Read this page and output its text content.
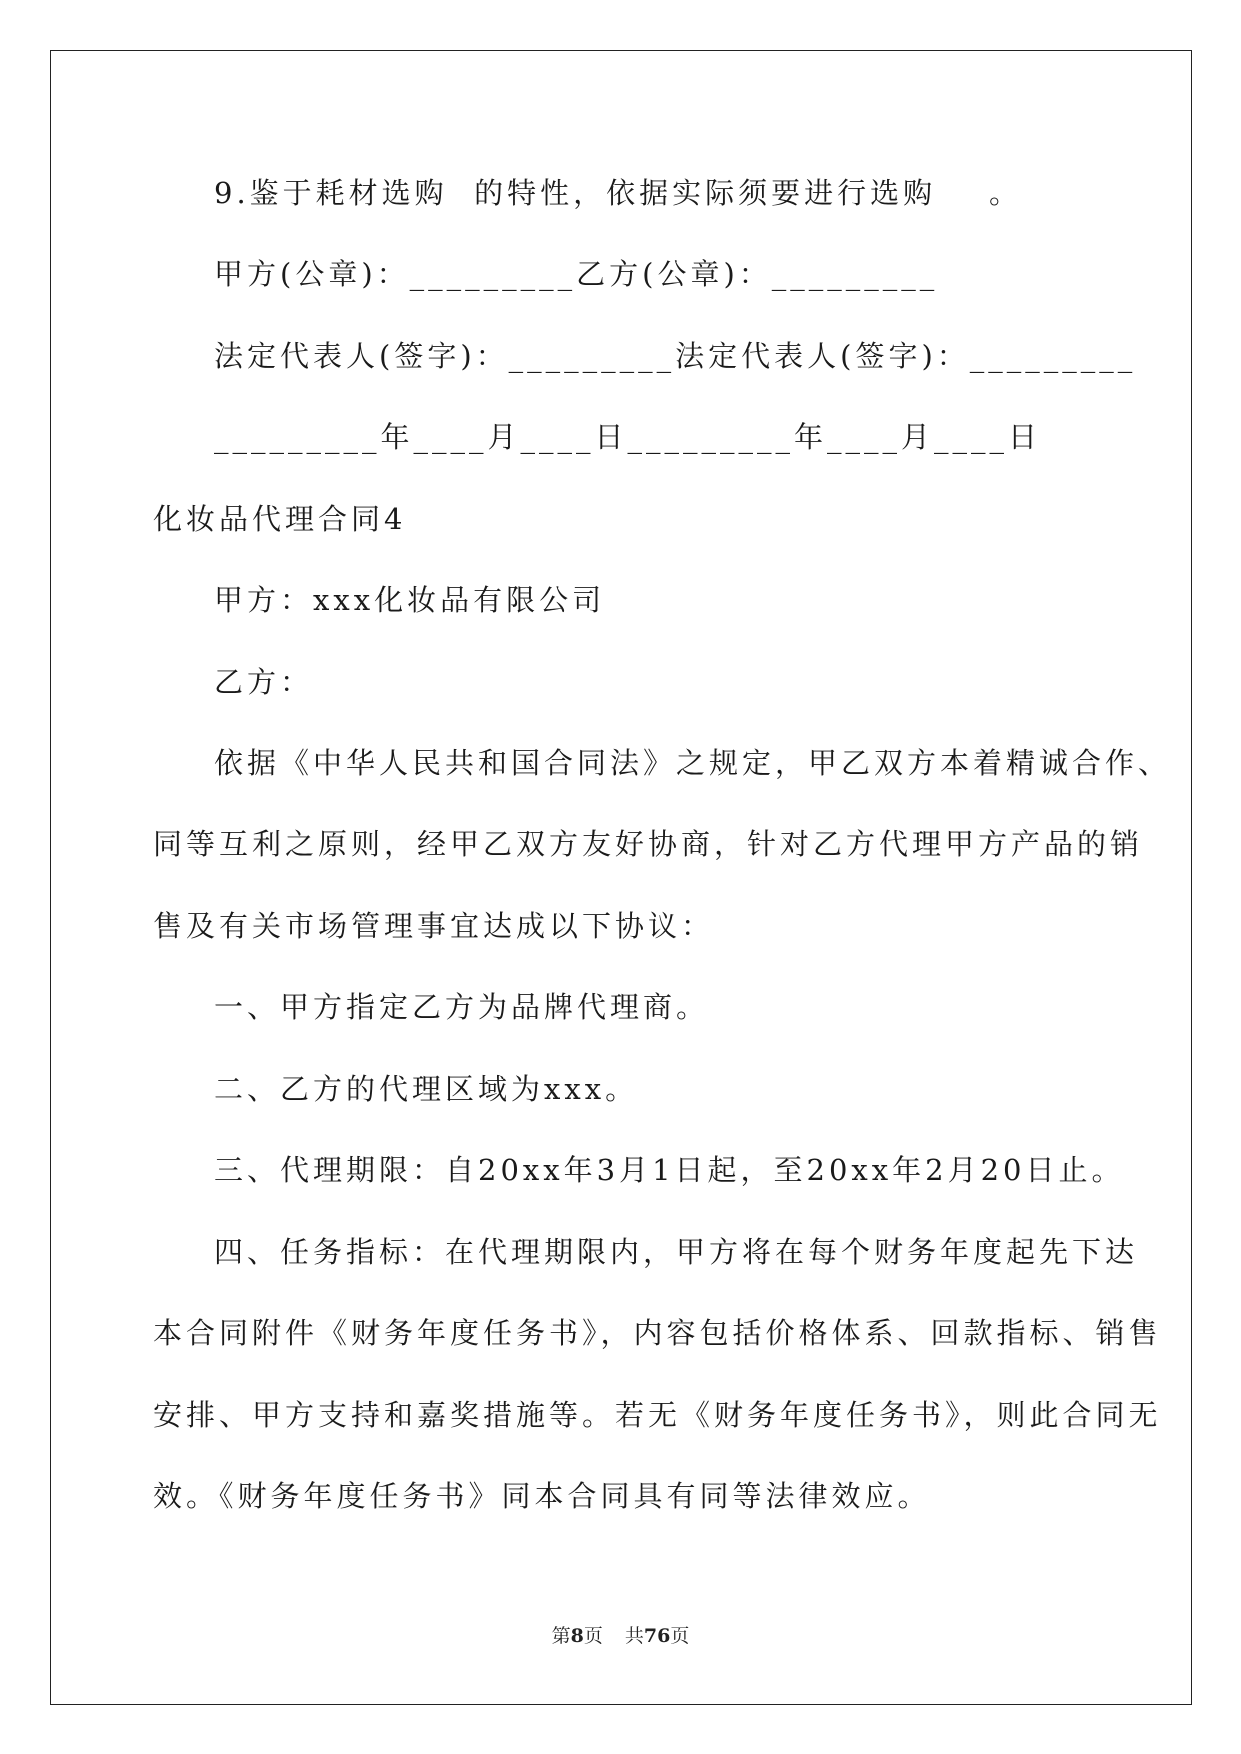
9.鉴于耗材选购  的特性，依据实际须要进行选购    。
甲方(公章)：_________乙方(公章)：_________
法定代表人(签字)：_________法定代表人(签字)：_________
_________年____月____日_________年____月____日
化妆品代理合同4
甲方：xxx化妆品有限公司
乙方：
依据《中华人民共和国合同法》之规定，甲乙双方本着精诚合作、
同等互利之原则，经甲乙双方友好协商，针对乙方代理甲方产品的销
售及有关市场管理事宜达成以下协议：
一、甲方指定乙方为品牌代理商。
二、乙方的代理区域为xxx。
三、代理期限：自20xx年3月1日起，至20xx年2月20日止。
四、任务指标：在代理期限内，甲方将在每个财务年度起先下达
本合同附件《财务年度任务书》，内容包括价格体系、回款指标、销售
安排、甲方支持和嘉奖措施等。若无《财务年度任务书》，则此合同无
效。《财务年度任务书》同本合同具有同等法律效应。
第8页 共76页
